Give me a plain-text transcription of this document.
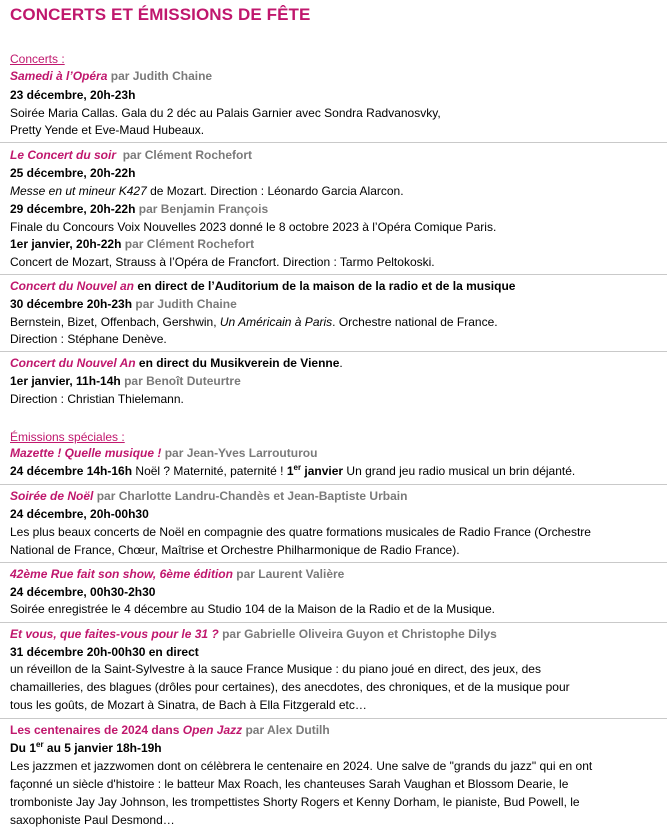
CONCERTS ET ÉMISSIONS DE FÊTE
Concerts :
Samedi à l’Opéra par Judith Chaine
23 décembre, 20h-23h
Soirée Maria Callas. Gala du 2 déc au Palais Garnier avec Sondra Radvanosvky,
Pretty Yende et Eve-Maud Hubeaux.
Le Concert du soir par Clément Rochefort
25 décembre, 20h-22h
Messe en ut mineur K427 de Mozart. Direction : Léonardo Garcia Alarcon.
29 décembre, 20h-22h par Benjamin François
Finale du Concours Voix Nouvelles 2023 donné le 8 octobre 2023 à l’Opéra Comique Paris.
1er janvier, 20h-22h par Clément Rochefort
Concert de Mozart, Strauss à l’Opéra de Francfort. Direction : Tarmo Peltokoski.
Concert du Nouvel an en direct de l’Auditorium de la maison de la radio et de la musique
30 décembre 20h-23h par Judith Chaine
Bernstein, Bizet, Offenbach, Gershwin, Un Américain à Paris. Orchestre national de France.
Direction : Stéphane Denève.
Concert du Nouvel An en direct du Musikverein de Vienne.
1er janvier, 11h-14h par Benoît Duteurtre
Direction : Christian Thielemann.
Émissions spéciales :
Mazette ! Quelle musique ! par Jean-Yves Larrouturou
24 décembre 14h-16h Noël ? Maternité, paternité ! 1er janvier Un grand jeu radio musical un brin déjanté.
Soirée de Noël par Charlotte Landru-Chandès et Jean-Baptiste Urbain
24 décembre, 20h-00h30
Les plus beaux concerts de Noël en compagnie des quatre formations musicales de Radio France (Orchestre
National de France, Chœur, Maîtrise et Orchestre Philharmonique de Radio France).
42ème Rue fait son show, 6ème édition par Laurent Valière
24 décembre, 00h30-2h30
Soirée enregistrée le 4 décembre au Studio 104 de la Maison de la Radio et de la Musique.
Et vous, que faites-vous pour le 31 ? par Gabrielle Oliveira Guyon et Christophe Dilys
31 décembre 20h-00h30 en direct
un réveillon de la Saint-Sylvestre à la sauce France Musique : du piano joué en direct, des jeux, des
chamailleries, des blagues (drôles pour certaines), des anecdotes, des chroniques, et de la musique pour
tous les goûts, de Mozart à Sinatra, de Bach à Ella Fitzgerald etc…
Les centenaires de 2024 dans Open Jazz par Alex Dutilh
Du 1er au 5 janvier 18h-19h
Les jazzmen et jazzwomen dont on célèbrera le centenaire en 2024. Une salve de "grands du jazz" qui en ont
façonné un siècle d'histoire : le batteur Max Roach, les chanteuses Sarah Vaughan et Blossom Dearie, le
tromboniste Jay Jay Johnson, les trompettistes Shorty Rogers et Kenny Dorham, le pianiste, Bud Powell, le
saxophoniste Paul Desmond…
